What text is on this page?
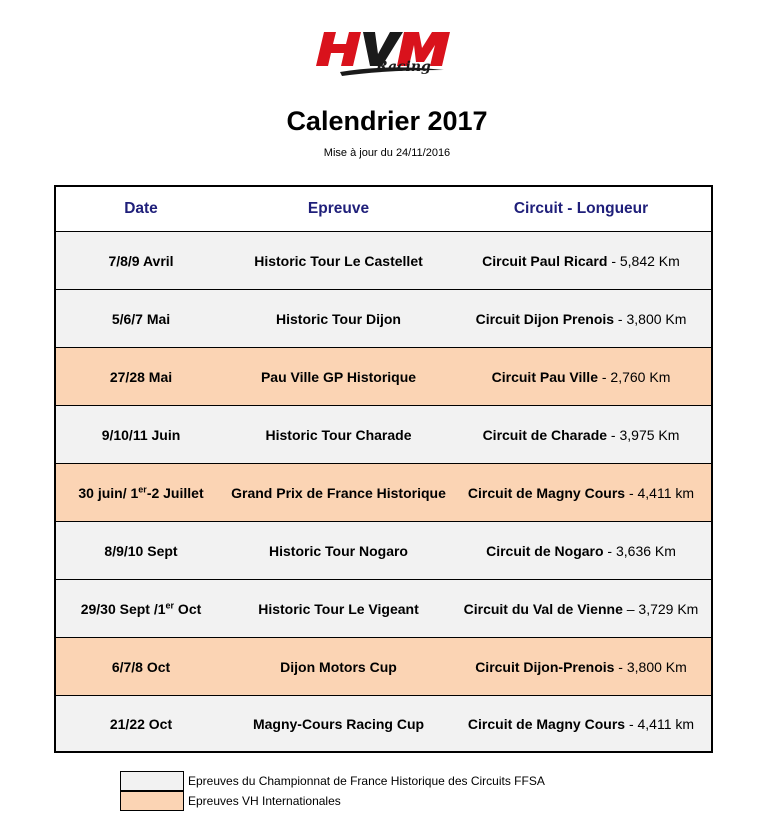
Racing
Calendrier 2017
Mise à jour du 24/11/2016
Date	Epreuve	Circuit - Longueur
7/8/9 Avril	Historic Tour Le Castellet	Circuit Paul Ricard - 5,842 Km
5/6/7 Mai	Historic Tour Dijon	Circuit Dijon Prenois - 3,800 Km
27/28 Mai	Pau Ville GP Historique	Circuit Pau Ville - 2,760 Km
9/10/11 Juin	Historic Tour Charade	Circuit de Charade - 3,975 Km
30 juin/ 1er-2 Juillet	Grand Prix de France Historique	Circuit de Magny Cours - 4,411 km
8/9/10 Sept	Historic Tour Nogaro	Circuit de Nogaro - 3,636 Km
29/30 Sept /1er Oct	Historic Tour Le Vigeant	Circuit du Val de Vienne – 3,729 Km
6/7/8 Oct	Dijon Motors Cup	Circuit Dijon-Prenois - 3,800 Km
21/22 Oct	Magny-Cours Racing Cup	Circuit de Magny Cours - 4,411 km
Epreuves du Championnat de France Historique des Circuits FFSA
Epreuves VH Internationales
